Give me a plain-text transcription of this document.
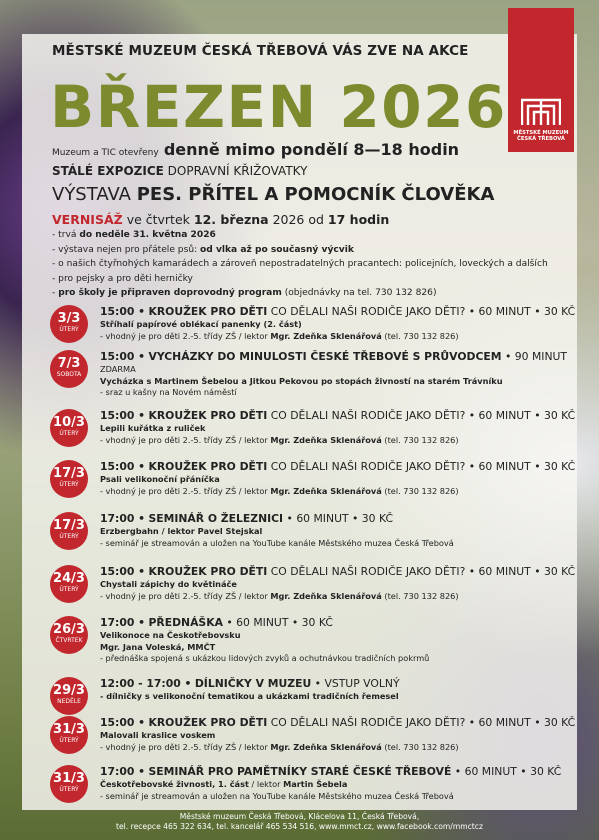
MĚSTSKÉ MUZEUM
ČESKÁ TŘEBOVÁ
MĚSTSKÉ MUZEUM ČESKÁ TŘEBOVÁ VÁS ZVE NA AKCE
BŘEZEN 2026
Muzeum a TIC otevřeny denně mimo pondělí 8—18 hodin
STÁLÉ EXPOZICE DOPRAVNÍ KŘIŽOVATKY
VÝSTAVA PES. PŘÍTEL A POMOCNÍK ČLOVĚKA
VERNISÁŽ ve čtvrtek 12. března 2026 od 17 hodin
- trvá do neděle 31. května 2026
- výstava nejen pro přátele psů: od vlka až po současný výcvik
- o našich čtyřnohých kamarádech a zároveň nepostradatelných pracantech: policejních, loveckých a dalších
- pro pejsky a pro děti herničky
- pro školy je připraven doprovodný program (objednávky na tel. 730 132 826)
3/3
ÚTERÝ
15:00 • KROUŽEK PRO DĚTI CO DĚLALI NAŠI RODIČE JAKO DĚTI? • 60 MINUT • 30 KČ
Stříhalí papírové oblékací panenky (2. část)
- vhodný je pro děti 2.-5. třídy ZŠ / lektor Mgr. Zdeňka Sklenářová (tel. 730 132 826)
7/3
SOBOTA
15:00 • VYCHÁZKY DO MINULOSTI ČESKÉ TŘEBOVÉ S PRŮVODCEM • 90 MINUT
ZDARMA
Vycházka s Martinem Šebelou a Jitkou Pekovou po stopách živností na starém Trávníku
- sraz u kašny na Novém náměstí
10/3
ÚTERÝ
15:00 • KROUŽEK PRO DĚTI CO DĚLALI NAŠI RODIČE JAKO DĚTI? • 60 MINUT • 30 KČ
Lepili kuřátka z ruliček
- vhodný je pro děti 2.-5. třídy ZŠ / lektor Mgr. Zdeňka Sklenářová (tel. 730 132 826)
17/3
ÚTERÝ
15:00 • KROUŽEK PRO DĚTI CO DĚLALI NAŠI RODIČE JAKO DĚTI? • 60 MINUT • 30 KČ
Psali velikonoční přáníčka
- vhodný je pro děti 2.-5. třídy ZŠ / lektor Mgr. Zdeňka Sklenářová (tel. 730 132 826)
17/3
ÚTERÝ
17:00 • SEMINÁŘ O ŽELEZNICI • 60 MINUT • 30 KČ
Erzbergbahn / lektor Pavel Stejskal
- seminář je streamován a uložen na YouTube kanále Městského muzea Česká Třebová
24/3
ÚTERÝ
15:00 • KROUŽEK PRO DĚTI CO DĚLALI NAŠI RODIČE JAKO DĚTI? • 60 MINUT • 30 KČ
Chystali zápichy do květináče
- vhodný je pro děti 2.-5. třídy ZŠ / lektor Mgr. Zdeňka Sklenářová (tel. 730 132 826)
26/3
ČTVRTEK
17:00 • PŘEDNÁŠKA • 60 MINUT • 30 KČ
Velikonoce na Českotřebovsku
Mgr. Jana Voleská, MMČT
- přednáška spojená s ukázkou lidových zvyků a ochutnávkou tradičních pokrmů
29/3
NEDĚLE
12:00 - 17:00 • DÍLNIČKY V MUZEU • VSTUP VOLNÝ
- dílničky s velikonoční tematikou a ukázkami tradičních řemesel
31/3
ÚTERÝ
15:00 • KROUŽEK PRO DĚTI CO DĚLALI NAŠI RODIČE JAKO DĚTI? • 60 MINUT • 30 KČ
Malovali kraslice voskem
- vhodný je pro děti 2.-5. třídy ZŠ / lektor Mgr. Zdeňka Sklenářová (tel. 730 132 826)
31/3
ÚTERÝ
17:00 • SEMINÁŘ PRO PAMĚTNÍKY STARÉ ČESKÉ TŘEBOVÉ • 60 MINUT • 30 KČ
Českotřebovské živnosti, 1. část / lektor Martin Šebela
- seminář je streamován a uložen na YouTube kanále Městského muzea Česká Třebová
Městské muzeum Česká Třebová, Klácelova 11, Česká Třebová,
tel. recepce 465 322 634, tel. kancelář 465 534 516, www.mmct.cz, www.facebook.com/mmctcz
